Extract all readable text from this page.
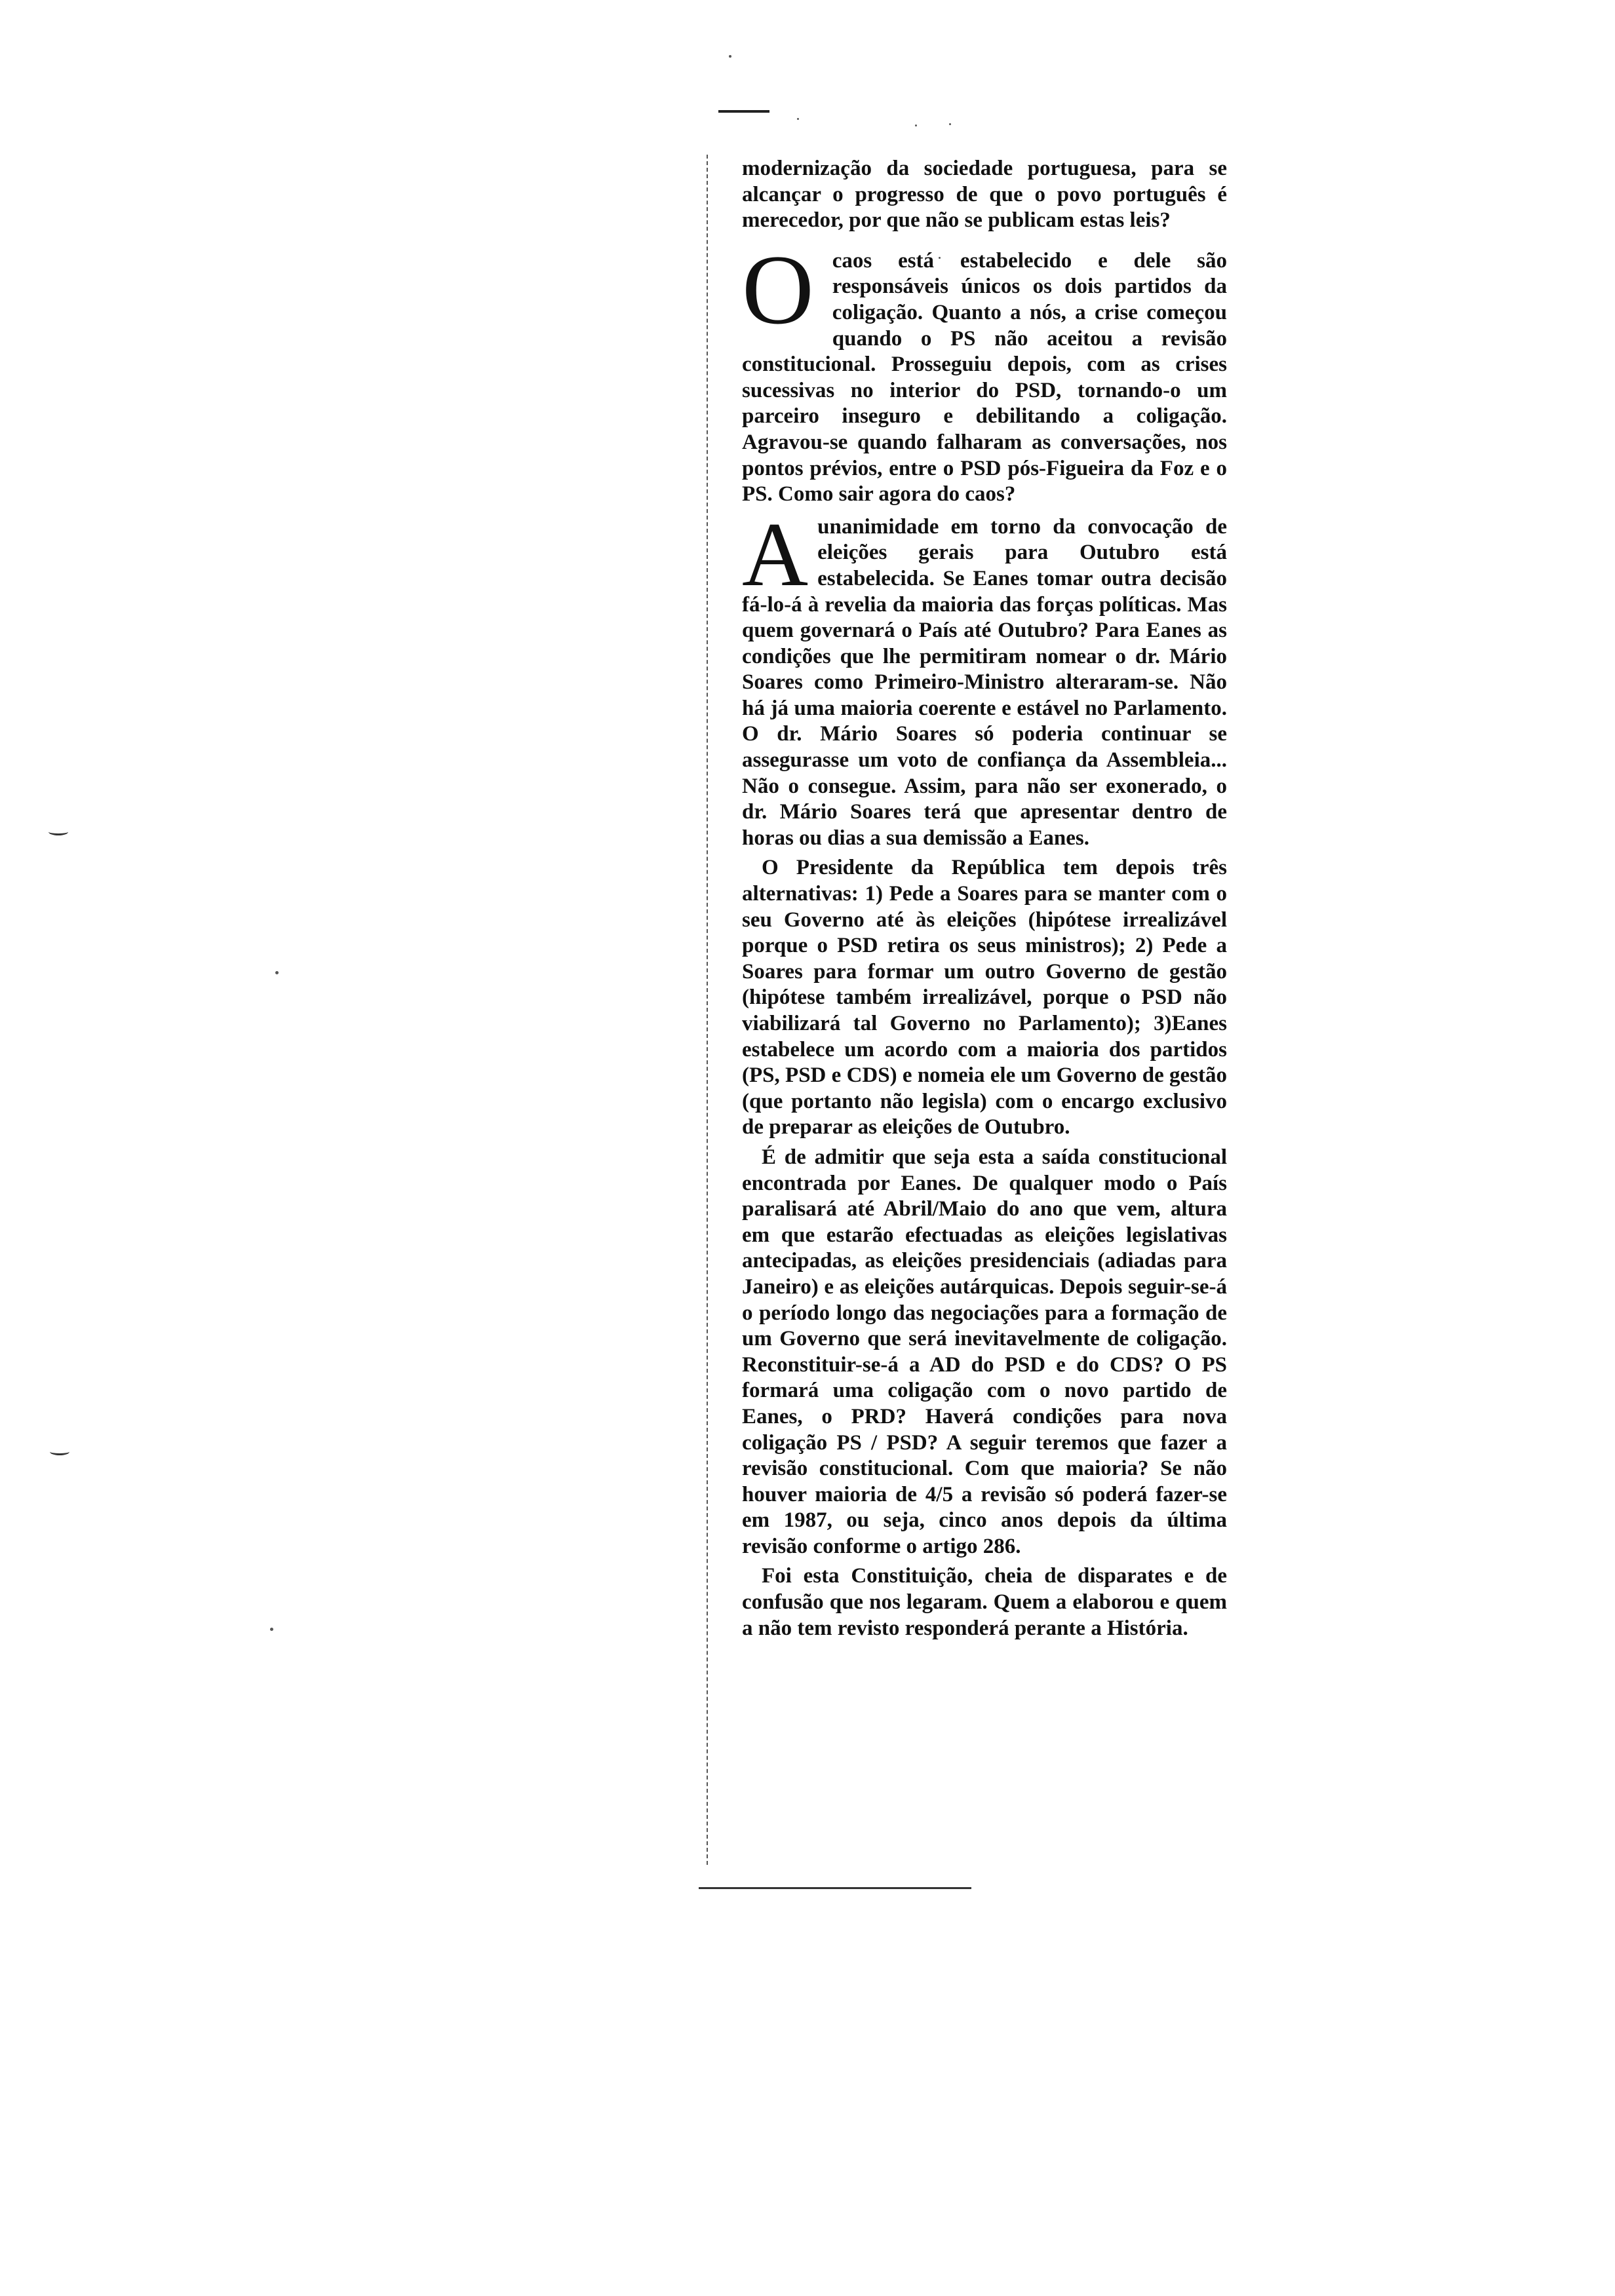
modernização da sociedade portuguesa, para se alcançar o progresso de que o povo português é merecedor, por que não se publicam estas leis?

Ocaos está estabelecido e dele são responsáveis únicos os dois partidos da coligação. Quanto a nós, a crise começou quando o PS não aceitou a revisão constitucional. Prosseguiu depois, com as crises sucessivas no interior do PSD, tornando-o um parceiro inseguro e debilitando a coligação. Agravou-se quando falharam as conversações, nos pontos prévios, entre o PSD pós-Figueira da Foz e o PS. Como sair agora do caos?

Aunanimidade em torno da convocação de eleições gerais para Outubro está estabelecida. Se Eanes tomar outra decisão fá-lo-á à revelia da maioria das forças políticas. Mas quem governará o País até Outubro? Para Eanes as condições que lhe permitiram nomear o dr. Mário Soares como Primeiro-Ministro alteraram-se. Não há já uma maioria coerente e estável no Parlamento. O dr. Mário Soares só poderia continuar se assegurasse um voto de confiança da Assembleia... Não o consegue. Assim, para não ser exonerado, o dr. Mário Soares terá que apresentar dentro de horas ou dias a sua demissão a Eanes.

O Presidente da República tem depois três alternativas: 1) Pede a Soares para se manter com o seu Governo até às eleições (hipótese irrealizável porque o PSD retira os seus ministros); 2) Pede a Soares para formar um outro Governo de gestão (hipótese também irrealizável, porque o PSD não viabilizará tal Governo no Parlamento); 3)Eanes estabelece um acordo com a maioria dos partidos (PS, PSD e CDS) e nomeia ele um Governo de gestão (que portanto não legisla) com o encargo exclusivo de preparar as eleições de Outubro.

É de admitir que seja esta a saída constitucional encontrada por Eanes. De qualquer modo o País paralisará até Abril/Maio do ano que vem, altura em que estarão efectuadas as eleições legislativas antecipadas, as eleições presidenciais (adiadas para Janeiro) e as eleições autárquicas. Depois seguir-se-á o período longo das negociações para a formação de um Governo que será inevitavelmente de coligação. Reconstituir-se-á a AD do PSD e do CDS? O PS formará uma coligação com o novo partido de Eanes, o PRD? Haverá condições para nova coligação PS / PSD? A seguir teremos que fazer a revisão constitucional. Com que maioria? Se não houver maioria de 4/5 a revisão só poderá fazer-se em 1987, ou seja, cinco anos depois da última revisão conforme o artigo 286.

Foi esta Constituição, cheia de disparates e de confusão que nos legaram. Quem a elaborou e quem a não tem revisto responderá perante a História.
